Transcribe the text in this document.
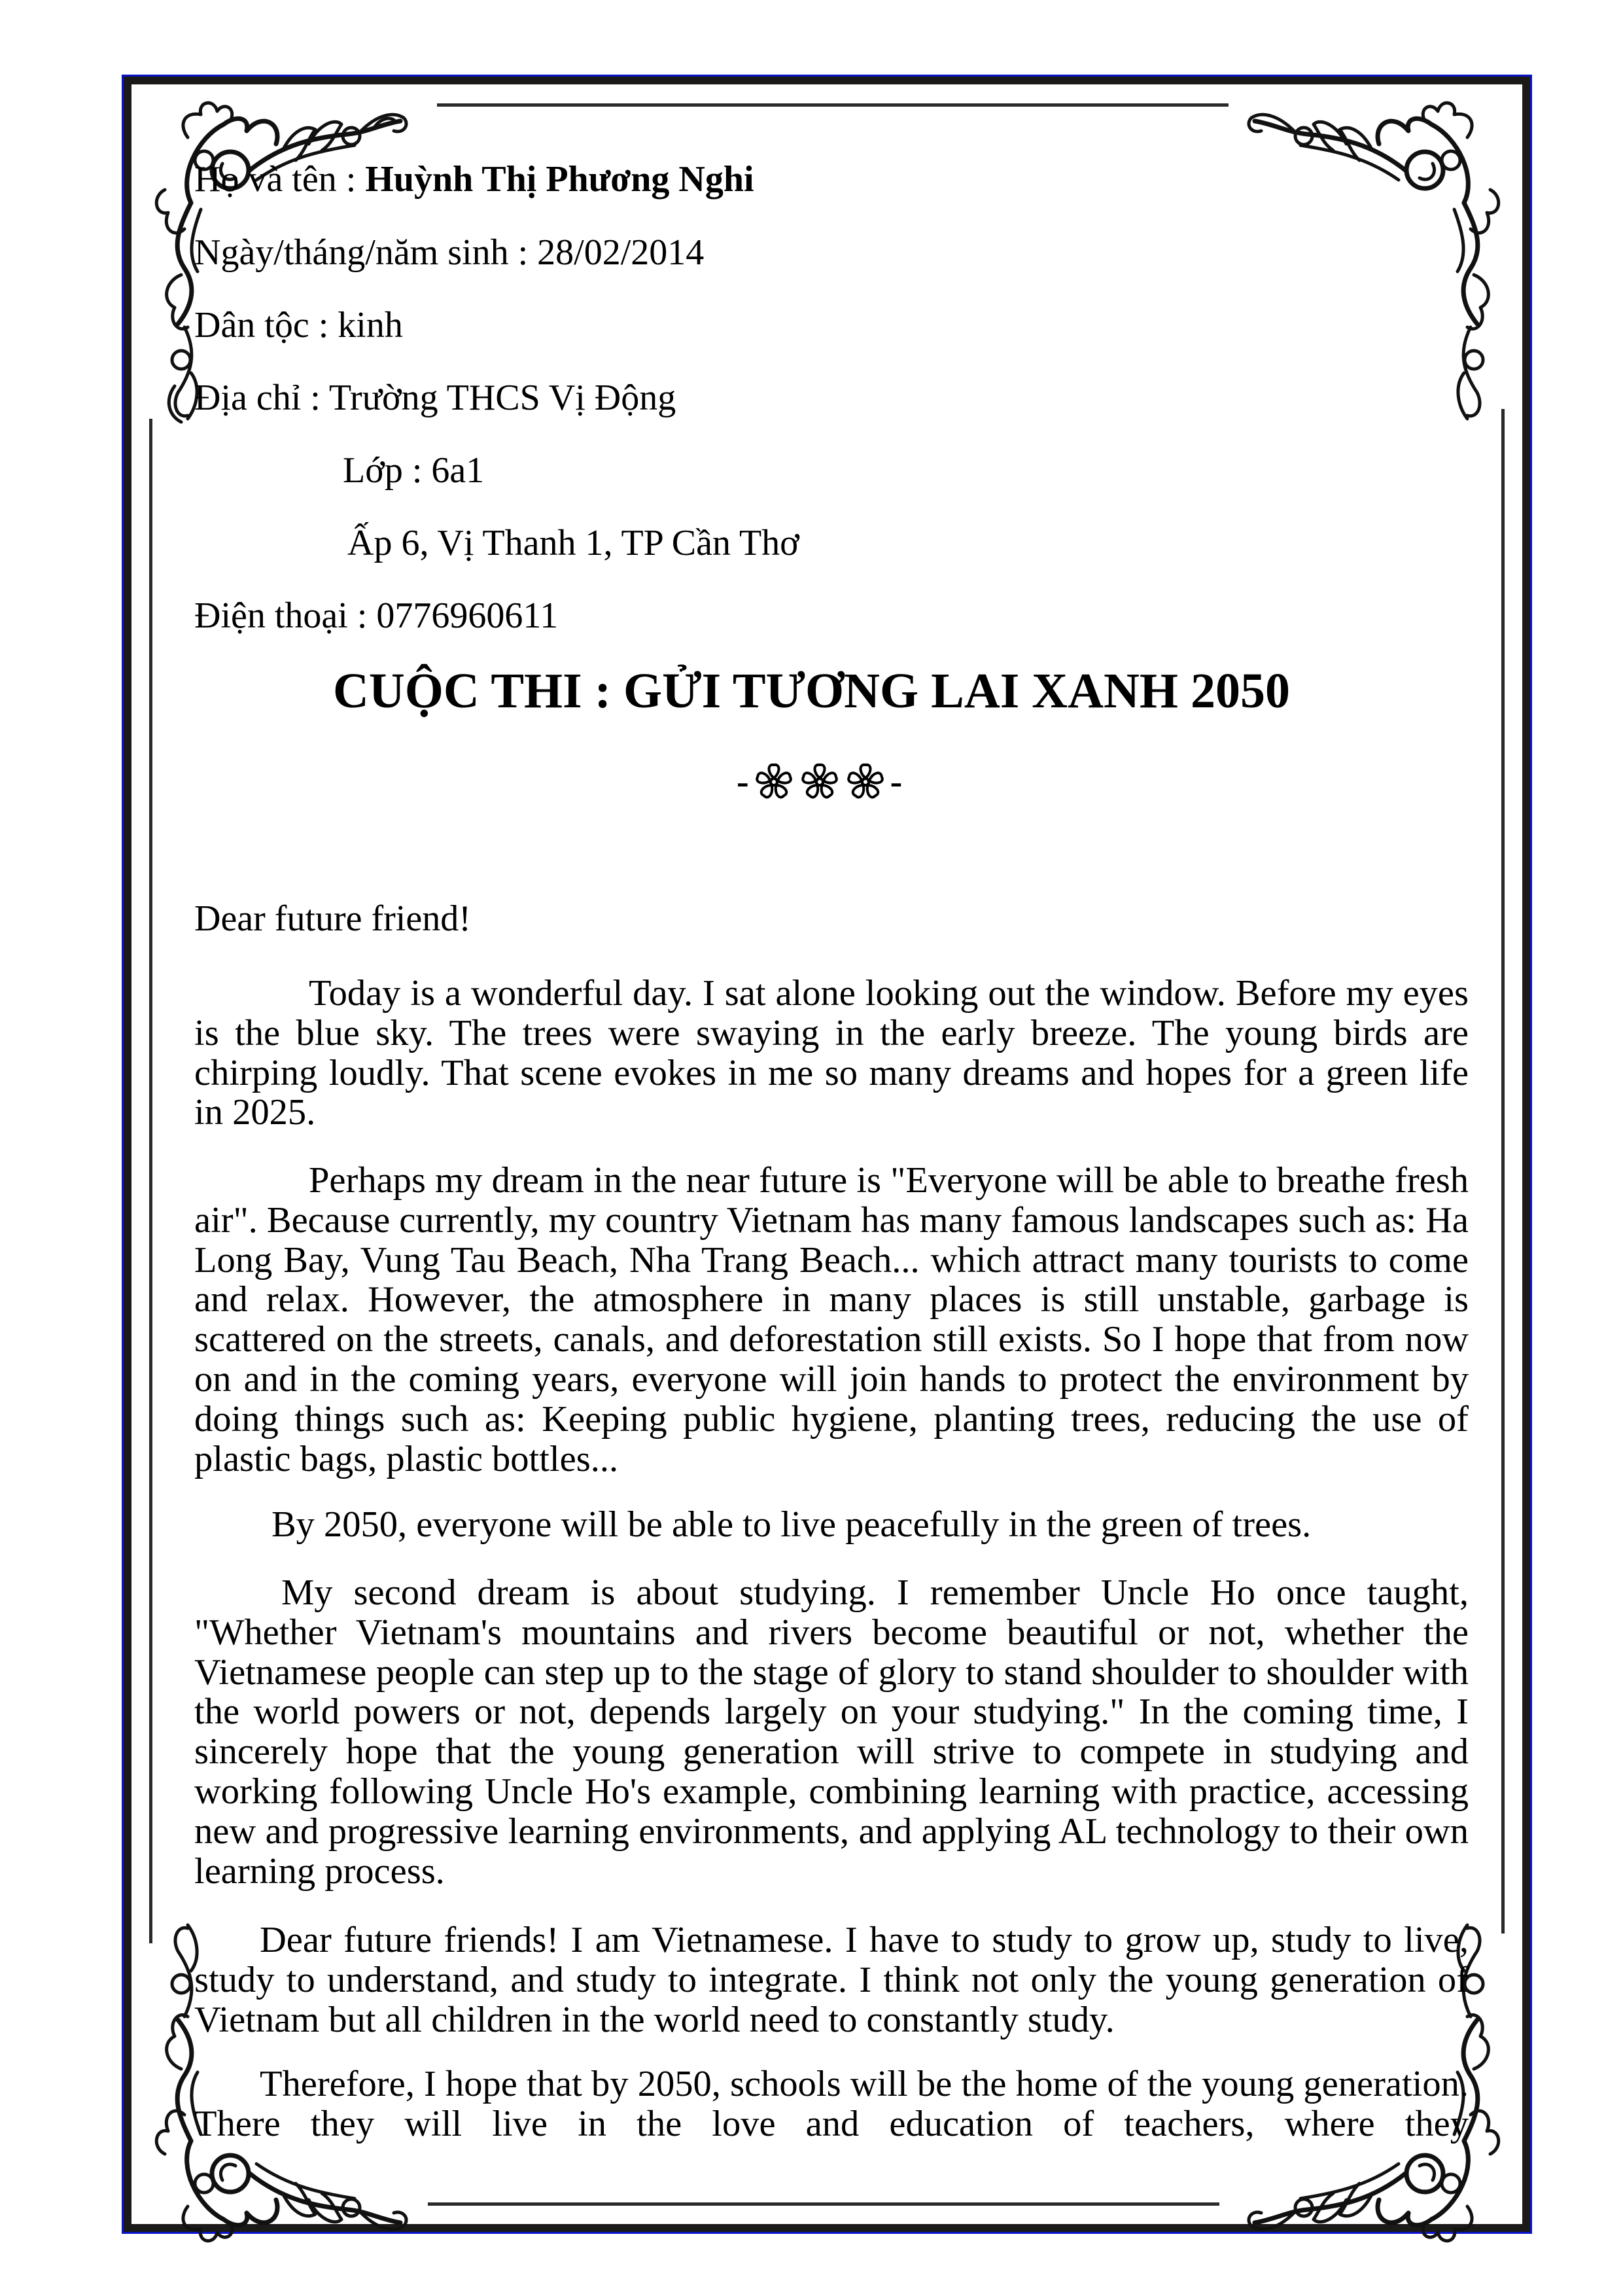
Họ và tên : Huỳnh Thị Phương Nghi
Ngày/tháng/năm sinh : 28/02/2014
Dân tộc : kinh
Địa chỉ : Trường THCS Vị Động
Lớp : 6a1
Ấp 6, Vị Thanh 1, TP Cần Thơ
Điện thoại : 0776960611
CUỘC THI : GỬI TƯƠNG LAI XANH 2050
-	-
Dear future friend!

Today is a wonderful day. I sat alone looking out the window. Before my eyes is the blue sky. The trees were swaying in the early breeze. The young birds are chirping loudly. That scene evokes in me so many dreams and hopes for a green life in 2025.

Perhaps my dream in the near future is "Everyone will be able to breathe fresh air". Because currently, my country Vietnam has many famous landscapes such as: Ha Long Bay, Vung Tau Beach, Nha Trang Beach... which attract many tourists to come and relax. However, the atmosphere in many places is still unstable, garbage is scattered on the streets, canals, and deforestation still exists. So I hope that from now on and in the coming years, everyone will join hands to protect the environment by doing things such as: Keeping public hygiene, planting trees, reducing the use of plastic bags, plastic bottles...

By 2050, everyone will be able to live peacefully in the green of trees.

My second dream is about studying. I remember Uncle Ho once taught, "Whether Vietnam's mountains and rivers become beautiful or not, whether the Vietnamese people can step up to the stage of glory to stand shoulder to shoulder with the world powers or not, depends largely on your studying." In the coming time, I sincerely hope that the young generation will strive to compete in studying and working following Uncle Ho's example, combining learning with practice, accessing new and progressive learning environments, and applying AL technology to their own learning process.

Dear future friends! I am Vietnamese. I have to study to grow up, study to live, study to understand, and study to integrate. I think not only the young generation of Vietnam but all children in the world need to constantly study.

Therefore, I hope that by 2050, schools will be the home of the young generation. There they will live in the love and education of teachers, where they
